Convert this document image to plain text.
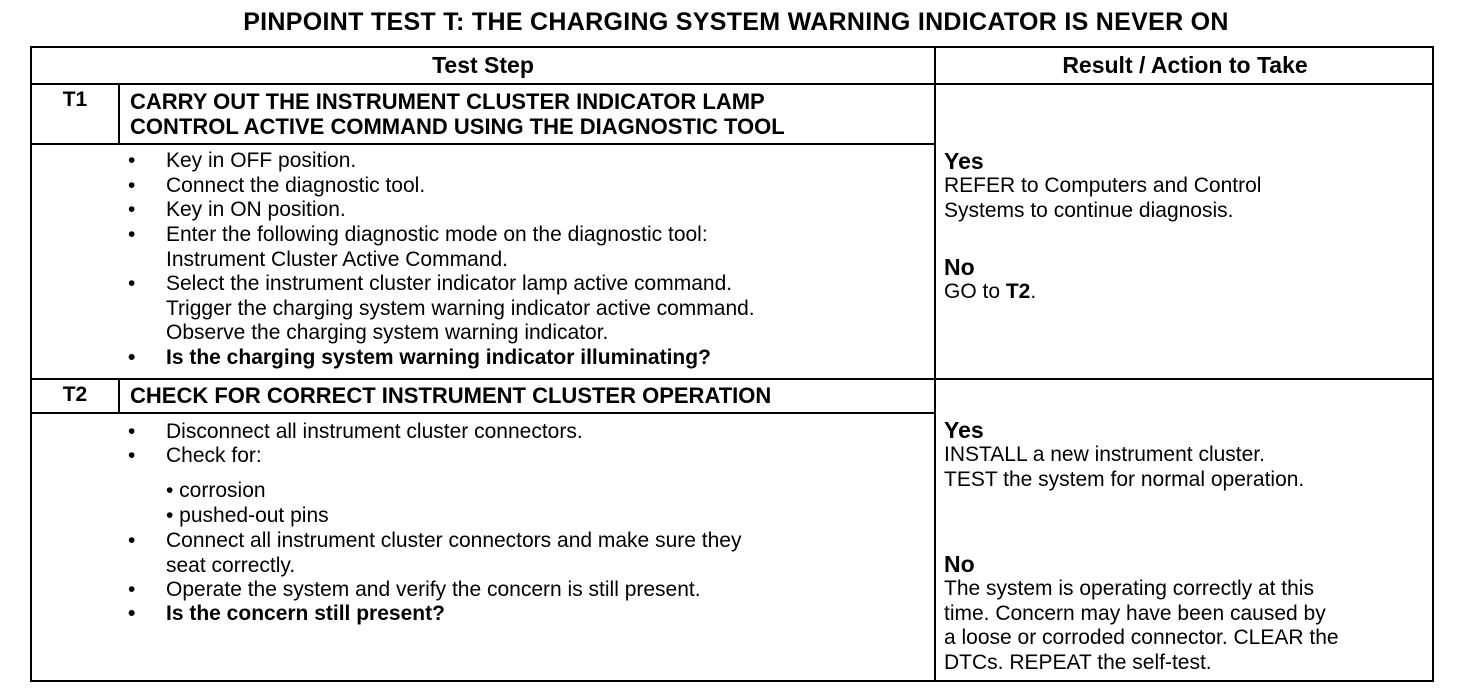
PINPOINT TEST T: THE CHARGING SYSTEM WARNING INDICATOR IS NEVER ON
Test Step	Result / Action to Take
T1	CARRY OUT THE INSTRUMENT CLUSTER INDICATOR LAMP
CONTROL ACTIVE COMMAND USING THE DIAGNOSTIC TOOL
• Key in OFF position.
• Connect the diagnostic tool.
• Key in ON position.
• Enter the following diagnostic mode on the diagnostic tool:
Instrument Cluster Active Command.
• Select the instrument cluster indicator lamp active command.
Trigger the charging system warning indicator active command.
Observe the charging system warning indicator.
• Is the charging system warning indicator illuminating?
Yes
REFER to Computers and Control
Systems to continue diagnosis.
No
GO to T2.
T2	CHECK FOR CORRECT INSTRUMENT CLUSTER OPERATION
• Disconnect all instrument cluster connectors.
• Check for:
• corrosion
• pushed-out pins
• Connect all instrument cluster connectors and make sure they
seat correctly.
• Operate the system and verify the concern is still present.
• Is the concern still present?
Yes
INSTALL a new instrument cluster.
TEST the system for normal operation.
No
The system is operating correctly at this
time. Concern may have been caused by
a loose or corroded connector. CLEAR the
DTCs. REPEAT the self-test.
